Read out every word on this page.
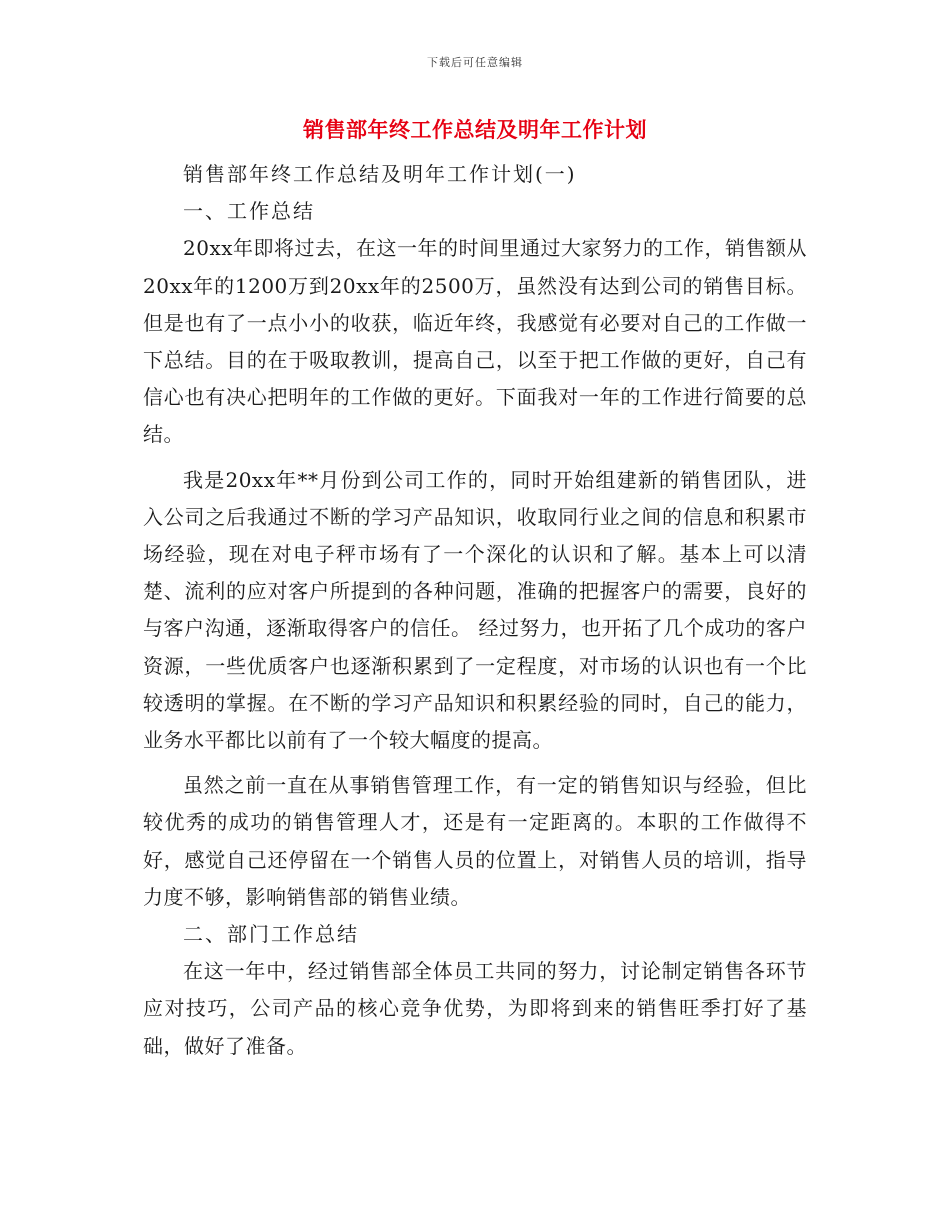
下载后可任意编辑
销售部年终工作总结及明年工作计划

销售部年终工作总结及明年工作计划(一)

一、工作总结

20xx年即将过去，在这一年的时间里通过大家努力的工作，销售额从20xx年的1200万到20xx年的2500万，虽然没有达到公司的销售目标。但是也有了一点小小的收获，临近年终，我感觉有必要对自己的工作做一下总结。目的在于吸取教训，提高自己，以至于把工作做的更好，自己有信心也有决心把明年的工作做的更好。下面我对一年的工作进行简要的总结。

我是20xx年**月份到公司工作的，同时开始组建新的销售团队，进入公司之后我通过不断的学习产品知识，收取同行业之间的信息和积累市场经验，现在对电子秤市场有了一个深化的认识和了解。基本上可以清楚、流利的应对客户所提到的各种问题，准确的把握客户的需要，良好的与客户沟通，逐渐取得客户的信任。 经过努力，也开拓了几个成功的客户资源，一些优质客户也逐渐积累到了一定程度，对市场的认识也有一个比较透明的掌握。在不断的学习产品知识和积累经验的同时，自己的能力，业务水平都比以前有了一个较大幅度的提高。

虽然之前一直在从事销售管理工作，有一定的销售知识与经验，但比较优秀的成功的销售管理人才，还是有一定距离的。本职的工作做得不好，感觉自己还停留在一个销售人员的位置上，对销售人员的培训，指导力度不够，影响销售部的销售业绩。

二、部门工作总结

在这一年中，经过销售部全体员工共同的努力，讨论制定销售各环节应对技巧，公司产品的核心竞争优势，为即将到来的销售旺季打好了基础，做好了准备。
